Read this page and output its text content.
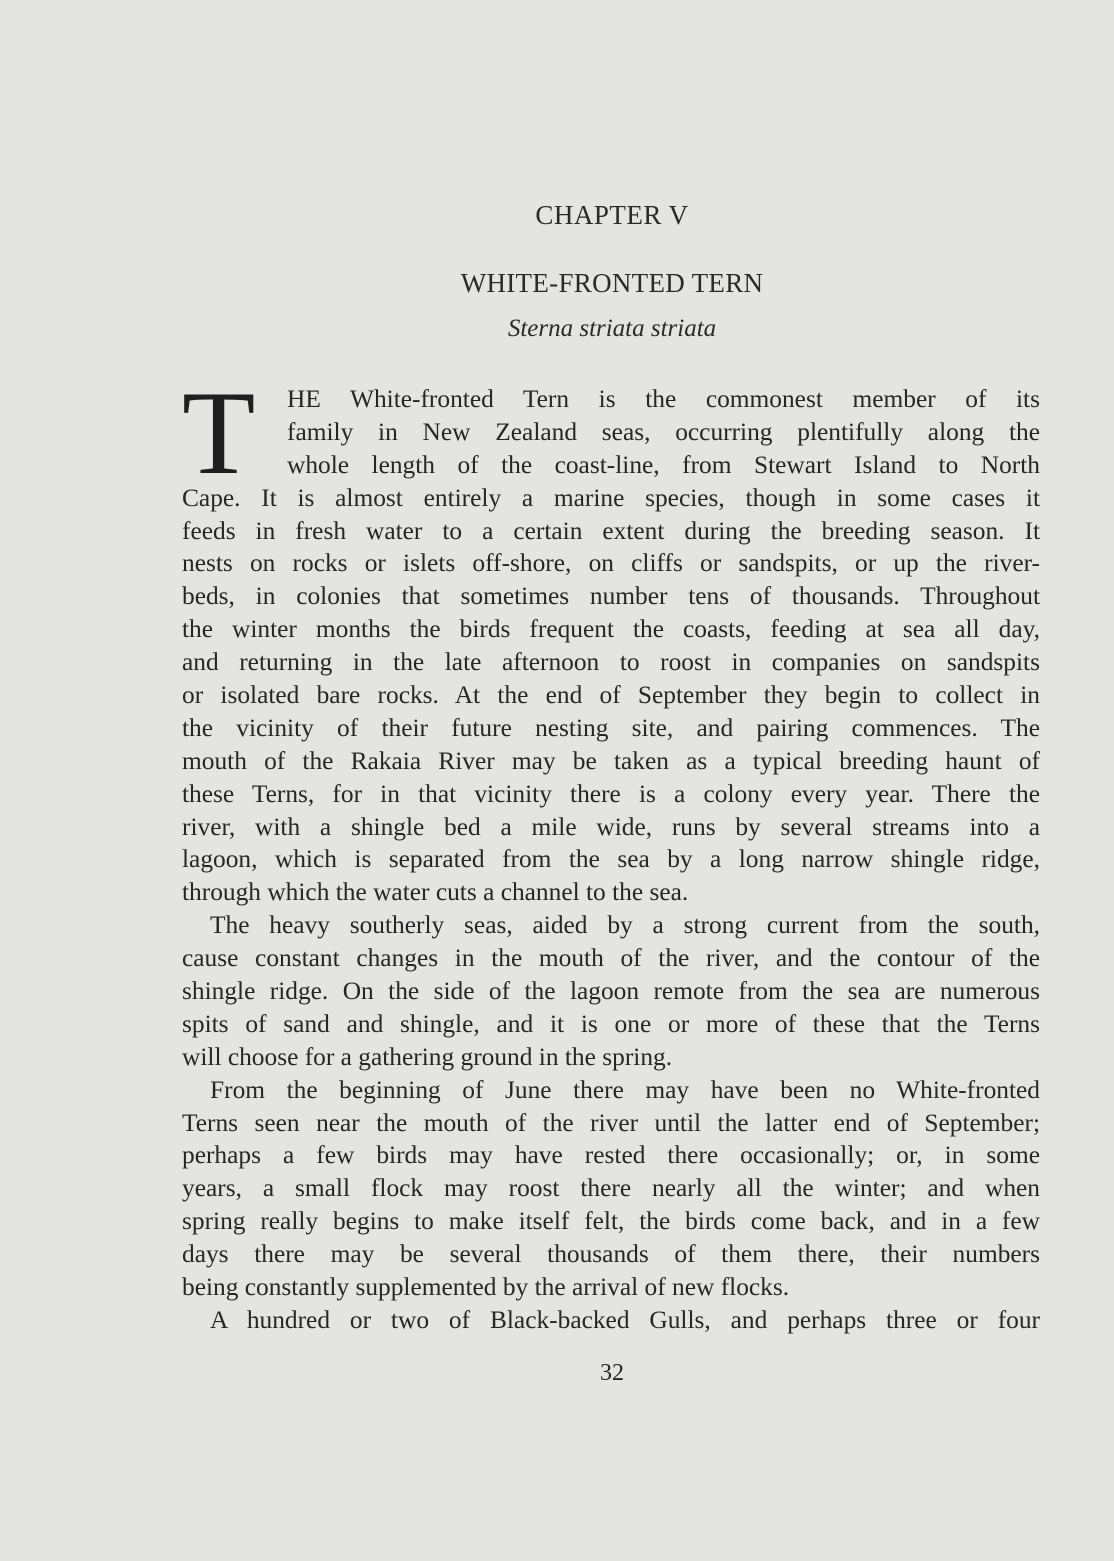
CHAPTER V
WHITE-FRONTED TERN
Sterna striata striata
T	HE White-fronted Tern is the commonest member of its
family in New Zealand seas, occurring plentifully along the
whole length of the coast-line, from Stewart Island to North
Cape. It is almost entirely a marine species, though in some cases it
feeds in fresh water to a certain extent during the breeding season. It
nests on rocks or islets off-shore, on cliffs or sandspits, or up the river-
beds, in colonies that sometimes number tens of thousands. Throughout
the winter months the birds frequent the coasts, feeding at sea all day,
and returning in the late afternoon to roost in companies on sandspits
or isolated bare rocks. At the end of September they begin to collect in
the vicinity of their future nesting site, and pairing commences. The
mouth of the Rakaia River may be taken as a typical breeding haunt of
these Terns, for in that vicinity there is a colony every year. There the
river, with a shingle bed a mile wide, runs by several streams into a
lagoon, which is separated from the sea by a long narrow shingle ridge,
through which the water cuts a channel to the sea.
The heavy southerly seas, aided by a strong current from the south,
cause constant changes in the mouth of the river, and the contour of the
shingle ridge. On the side of the lagoon remote from the sea are numerous
spits of sand and shingle, and it is one or more of these that the Terns
will choose for a gathering ground in the spring.
From the beginning of June there may have been no White-fronted
Terns seen near the mouth of the river until the latter end of September;
perhaps a few birds may have rested there occasionally; or, in some
years, a small flock may roost there nearly all the winter; and when
spring really begins to make itself felt, the birds come back, and in a few
days there may be several thousands of them there, their numbers
being constantly supplemented by the arrival of new flocks.
A hundred or two of Black-backed Gulls, and perhaps three or four
32
